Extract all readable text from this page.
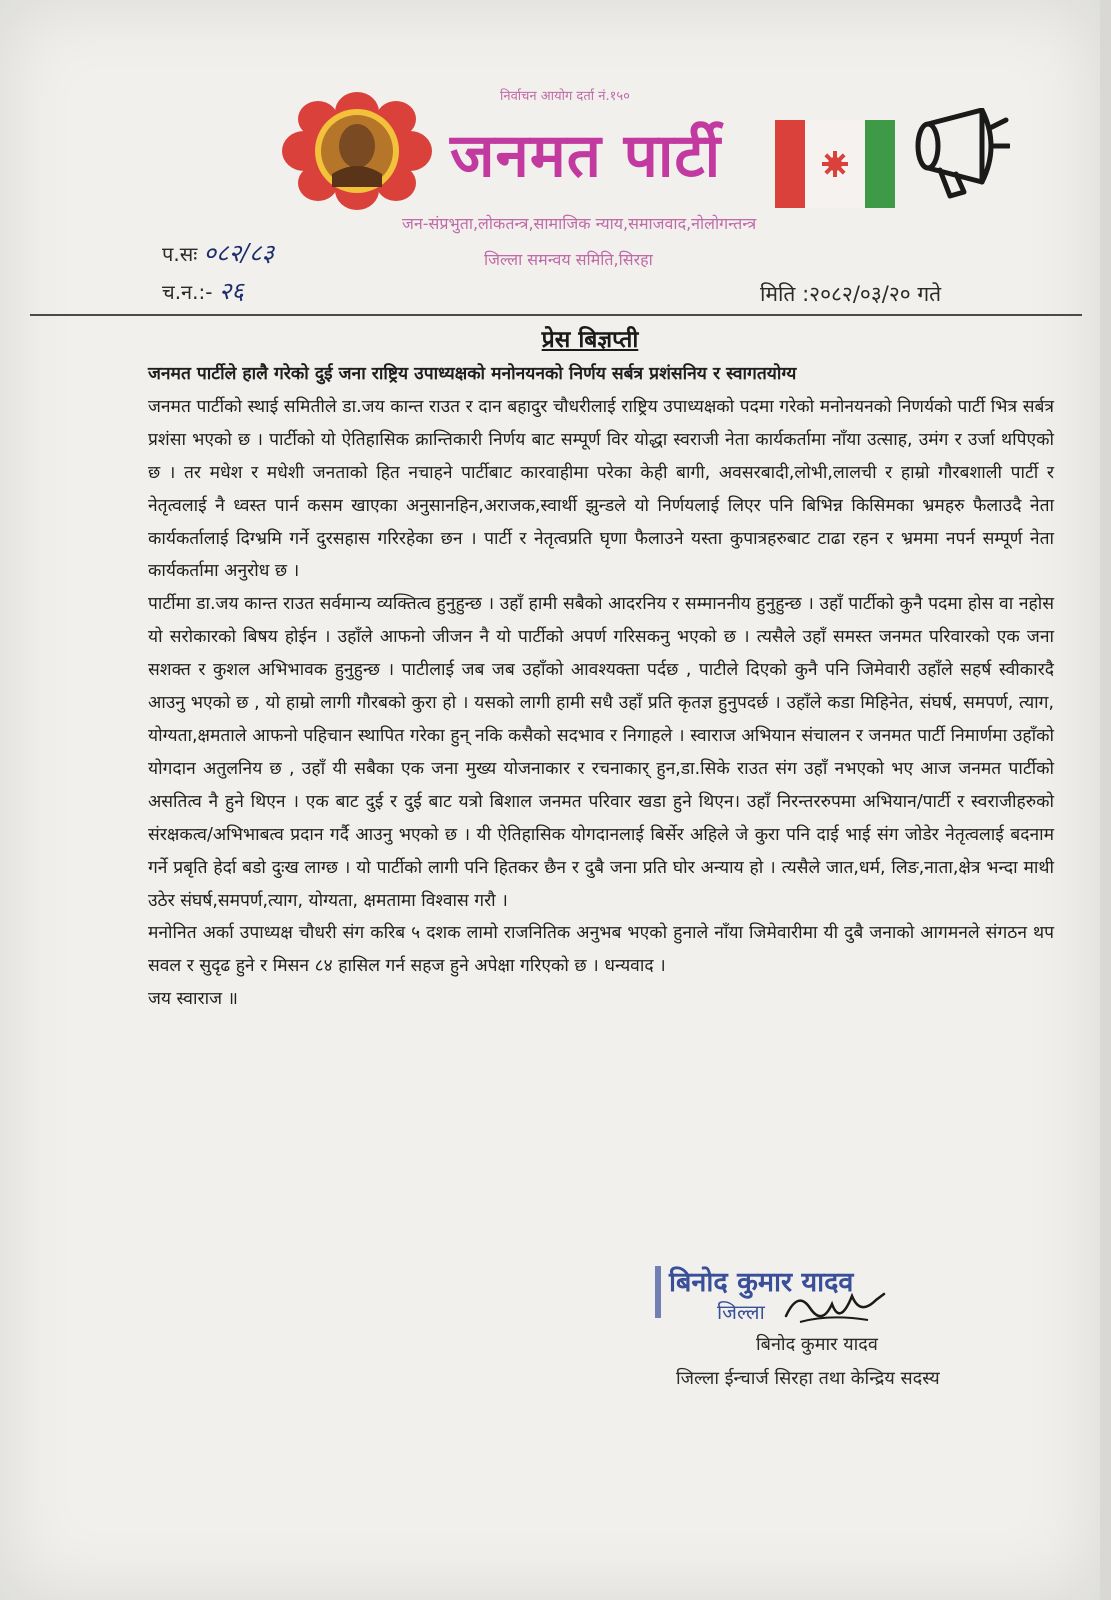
निर्वाचन आयोग दर्ता नं.१५०
जनमत पार्टी
जन-संप्रभुता,लोकतन्त्र,सामाजिक न्याय,समाजवाद,नोलोगन्तन्त्र
जिल्ला समन्वय समिति,सिरहा
प.सः ०८२/८३
च.न.:- २६	मिति :२०८२/०३/२० गते
प्रेस बिज्ञप्ती

जनमत पार्टीले हालै गरेको दुई जना राष्ट्रिय उपाध्यक्षको मनोनयनको निर्णय सर्बत्र प्रशंसनिय र स्वागतयोग्य

जनमत पार्टीको स्थाई समितीले डा.जय कान्त राउत र दान बहादुर चौधरीलाई राष्ट्रिय उपाध्यक्षको पदमा गरेको मनोनयनको निणर्यको पार्टी भित्र सर्बत्र प्रशंसा भएको छ । पार्टीको यो ऐतिहासिक क्रान्तिकारी निर्णय बाट सम्पूर्ण विर योद्धा स्वराजी नेता कार्यकर्तामा नाँया उत्साह, उमंग र उर्जा थपिएको छ । तर मधेश र मधेशी जनताको हित नचाहने पार्टीबाट कारवाहीमा परेका केही बागी, अवसरबादी,लोभी,लालची र हाम्रो गौरबशाली पार्टी र नेतृत्वलाई नै ध्वस्त पार्न कसम खाएका अनुसानहिन,अराजक,स्वार्थी झुन्डले यो निर्णयलाई लिएर पनि बिभिन्न किसिमका भ्रमहरु फैलाउदै नेता कार्यकर्तालाई दिग्भ्रमि गर्ने दुरसहास गरिरहेका छन । पार्टी र नेतृत्वप्रति घृणा फैलाउने यस्ता कुपात्रहरुबाट टाढा रहन र भ्रममा नपर्न सम्पूर्ण नेता कार्यकर्तामा अनुरोध छ ।

पार्टीमा डा.जय कान्त राउत सर्वमान्य व्यक्तित्व हुनुहुन्छ । उहाँ हामी सबैको आदरनिय र सम्माननीय हुनुहुन्छ । उहाँ पार्टीको कुनै पदमा होस वा नहोस यो सरोकारको बिषय होईन । उहाँले आफनो जीजन नै यो पार्टीको अपर्ण गरिसकनु भएको छ । त्यसैले उहाँ समस्त जनमत परिवारको एक जना सशक्त र कुशल अभिभावक हुनुहुन्छ । पाटीलाई जब जब उहाँको आवश्यक्ता पर्दछ , पाटीले दिएको कुनै पनि जिमेवारी उहाँले सहर्ष स्वीकारदै आउनु भएको छ , यो हाम्रो लागी गौरबको कुरा हो । यसको लागी हामी सधै उहाँ प्रति कृतज्ञ हुनुपदर्छ । उहाँले कडा मिहिनेत, संघर्ष, समपर्ण, त्याग, योग्यता,क्षमताले आफनो पहिचान स्थापित गरेका हुन् नकि कसैको सदभाव र निगाहले । स्वाराज अभियान संचालन र जनमत पार्टी निमार्णमा उहाँको योगदान अतुलनिय छ , उहाँ यी सबैका एक जना मुख्य योजनाकार र रचनाकार् हुन,डा.सिके राउत संग उहाँ नभएको भए आज जनमत पार्टीको असतित्व नै हुने थिएन । एक बाट दुई र दुई बाट यत्रो बिशाल जनमत परिवार खडा हुने थिएन। उहाँ निरन्तररुपमा अभियान/पार्टी र स्वराजीहरुको संरक्षकत्व/अभिभाबत्व प्रदान गर्दै आउनु भएको छ । यी ऐतिहासिक योगदानलाई बिर्सेर अहिले जे कुरा पनि दाई भाई संग जोडेर नेतृत्वलाई बदनाम गर्ने प्रबृति हेर्दा बडो दुःख लाग्छ । यो पार्टीको लागी पनि हितकर छैन र दुबै जना प्रति घोर अन्याय हो । त्यसैले जात,धर्म, लिङ,नाता,क्षेत्र भन्दा माथी उठेर संघर्ष,समपर्ण,त्याग, योग्यता, क्षमतामा विश्वास गरौ ।

मनोनित अर्का उपाध्यक्ष चौधरी संग करिब ५ दशक लामो राजनितिक अनुभब भएको हुनाले नाँया जिमेवारीमा यी दुबै जनाको आगमनले संगठन थप सवल र सुदृढ हुने र मिसन ८४ हासिल गर्न सहज हुने अपेक्षा गरिएको छ । धन्यवाद ।

जय स्वाराज ॥

बिनोद कुमार यादव
जिल्ला
बिनोद कुमार यादव
जिल्ला ईन्चार्ज सिरहा तथा केन्द्रिय सदस्य
